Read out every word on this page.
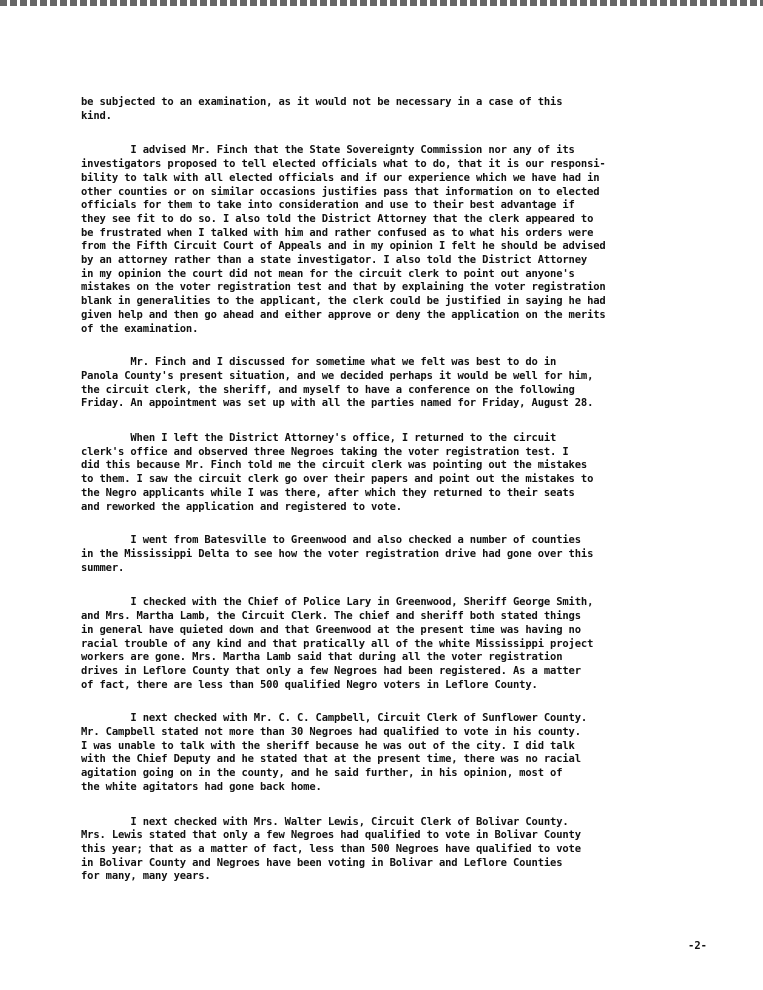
be subjected to an examination, as it would not be necessary in a case of this
kind.
I advised Mr. Finch that the State Sovereignty Commission nor any of its
investigators proposed to tell elected officials what to do, that it is our responsi-
bility to talk with all elected officials and if our experience which we have had in
other counties or on similar occasions justifies pass that information on to elected
officials for them to take into consideration and use to their best advantage if
they see fit to do so. I also told the District Attorney that the clerk appeared to
be frustrated when I talked with him and rather confused as to what his orders were
from the Fifth Circuit Court of Appeals and in my opinion I felt he should be advised
by an attorney rather than a state investigator. I also told the District Attorney
in my opinion the court did not mean for the circuit clerk to point out anyone's
mistakes on the voter registration test and that by explaining the voter registration
blank in generalities to the applicant, the clerk could be justified in saying he had
given help and then go ahead and either approve or deny the application on the merits
of the examination.
Mr. Finch and I discussed for sometime what we felt was best to do in
Panola County's present situation, and we decided perhaps it would be well for him,
the circuit clerk, the sheriff, and myself to have a conference on the following
Friday. An appointment was set up with all the parties named for Friday, August 28.
When I left the District Attorney's office, I returned to the circuit
clerk's office and observed three Negroes taking the voter registration test. I
did this because Mr. Finch told me the circuit clerk was pointing out the mistakes
to them. I saw the circuit clerk go over their papers and point out the mistakes to
the Negro applicants while I was there, after which they returned to their seats
and reworked the application and registered to vote.
I went from Batesville to Greenwood and also checked a number of counties
in the Mississippi Delta to see how the voter registration drive had gone over this
summer.
I checked with the Chief of Police Lary in Greenwood, Sheriff George Smith,
and Mrs. Martha Lamb, the Circuit Clerk. The chief and sheriff both stated things
in general have quieted down and that Greenwood at the present time was having no
racial trouble of any kind and that pratically all of the white Mississippi project
workers are gone. Mrs. Martha Lamb said that during all the voter registration
drives in Leflore County that only a few Negroes had been registered. As a matter
of fact, there are less than 500 qualified Negro voters in Leflore County.
I next checked with Mr. C. C. Campbell, Circuit Clerk of Sunflower County.
Mr. Campbell stated not more than 30 Negroes had qualified to vote in his county.
I was unable to talk with the sheriff because he was out of the city. I did talk
with the Chief Deputy and he stated that at the present time, there was no racial
agitation going on in the county, and he said further, in his opinion, most of
the white agitators had gone back home.
I next checked with Mrs. Walter Lewis, Circuit Clerk of Bolivar County.
Mrs. Lewis stated that only a few Negroes had qualified to vote in Bolivar County
this year; that as a matter of fact, less than 500 Negroes have qualified to vote
in Bolivar County and Negroes have been voting in Bolivar and Leflore Counties
for many, many years.
-2-
